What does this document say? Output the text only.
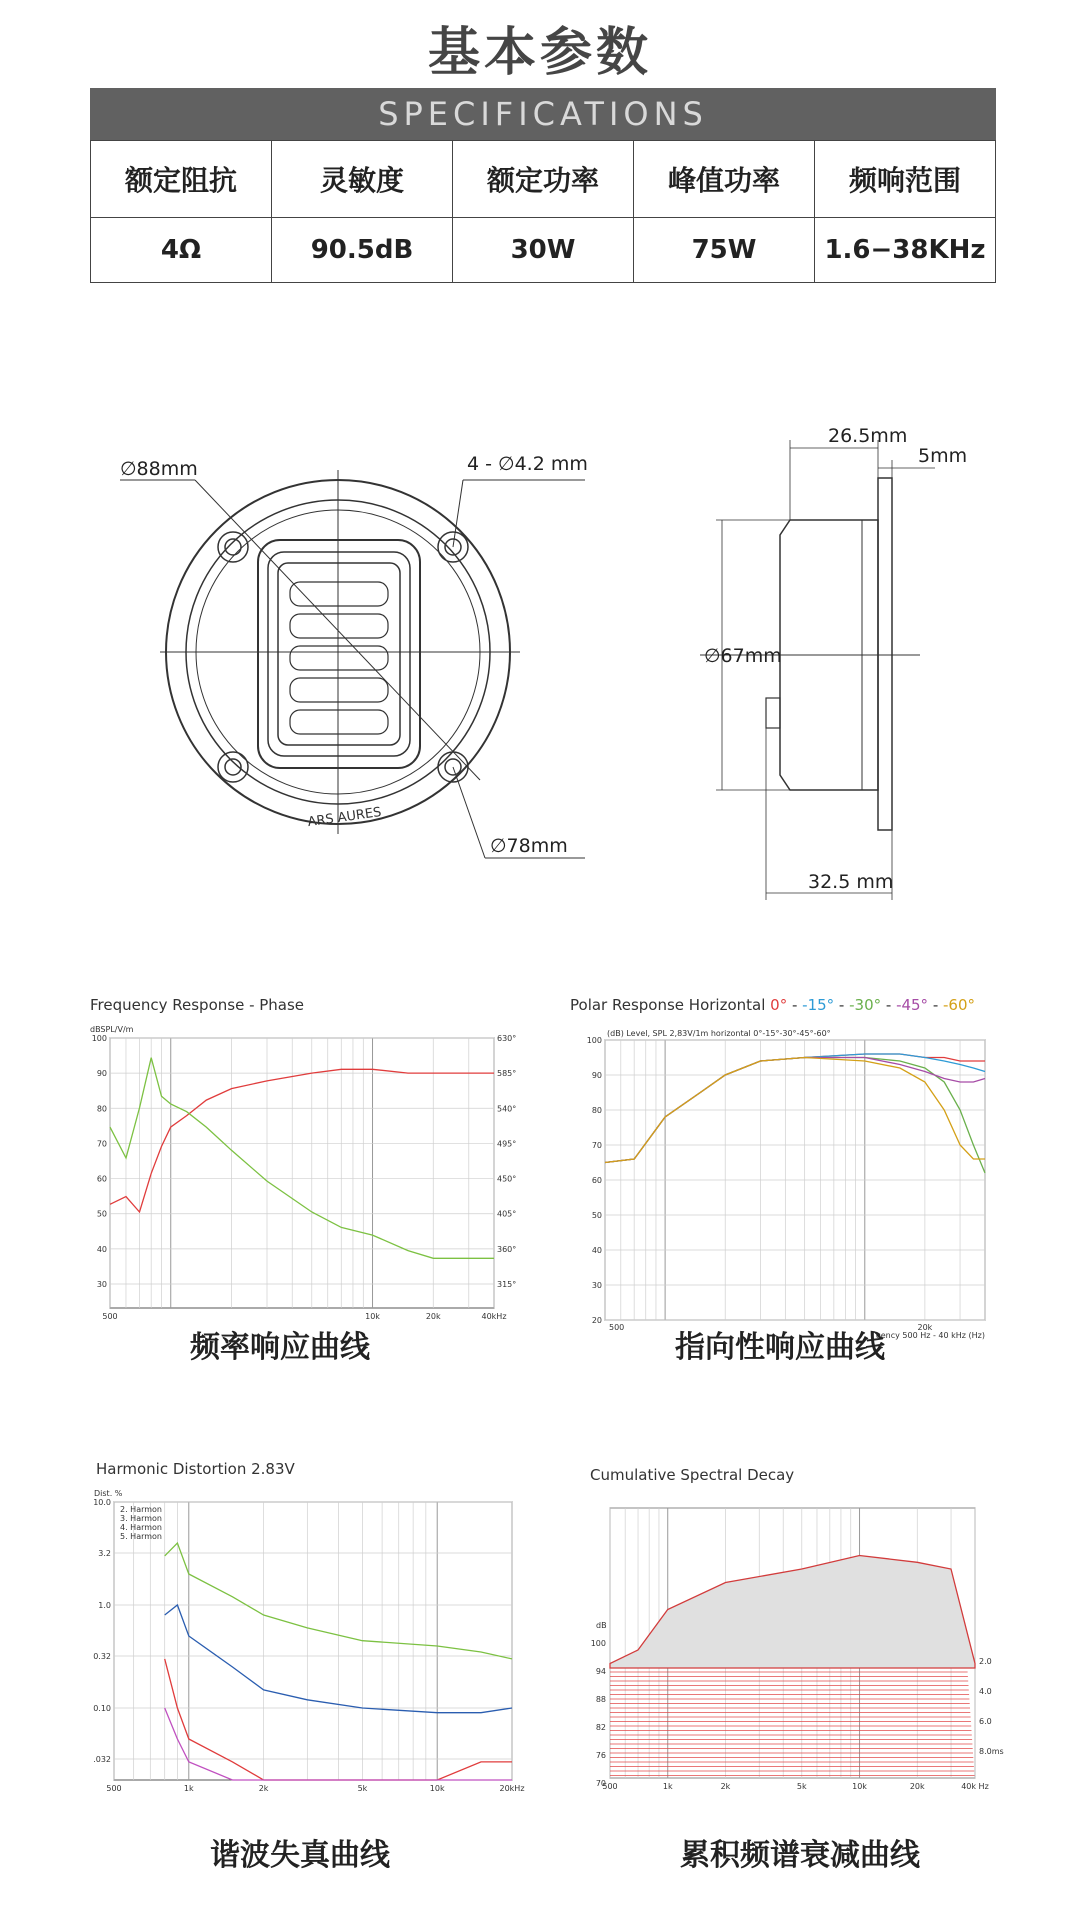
基本参数
SPECIFICATIONS
额定阻抗	灵敏度	额定功率	峰值功率	频响范围
4Ω	90.5dB	30W	75W	1.6−38KHz
∅88mm	4 - ∅4.2 mm
∅78mm
ARS AURES
26.5mm
5mm
∅67mm
32.5 mm
Frequency Response - Phase
100
90
80
70
60
50
40
30
630°
585°
540°
495°
450°
405°
360°
315°
dBSPL/V/m
500	10k	20k	40kHz
频率响应曲线
Polar Response Horizontal 0° - -15° - -30° - -45° - -60°
100
90
80
70
60
50
40
30
20
(dB) Level, SPL 2,83V/1m horizontal 0°-15°-30°-45°-60°
500	20k
uency 500 Hz - 40 kHz (Hz)
指向性响应曲线
Harmonic Distortion 2.83V
10.0
3.2
1.0
0.32
0.10
.032
Dist. %
500	1k	2k	5k	10k	20kHz
2. Harmon
3. Harmon
4. Harmon
5. Harmon
谐波失真曲线
Cumulative Spectral Decay
100
94
88
82
76
70
dB
500	1k	2k	5k	10k	20k	40k Hz
2.0
4.0
6.0
8.0ms
累积频谱衰减曲线
